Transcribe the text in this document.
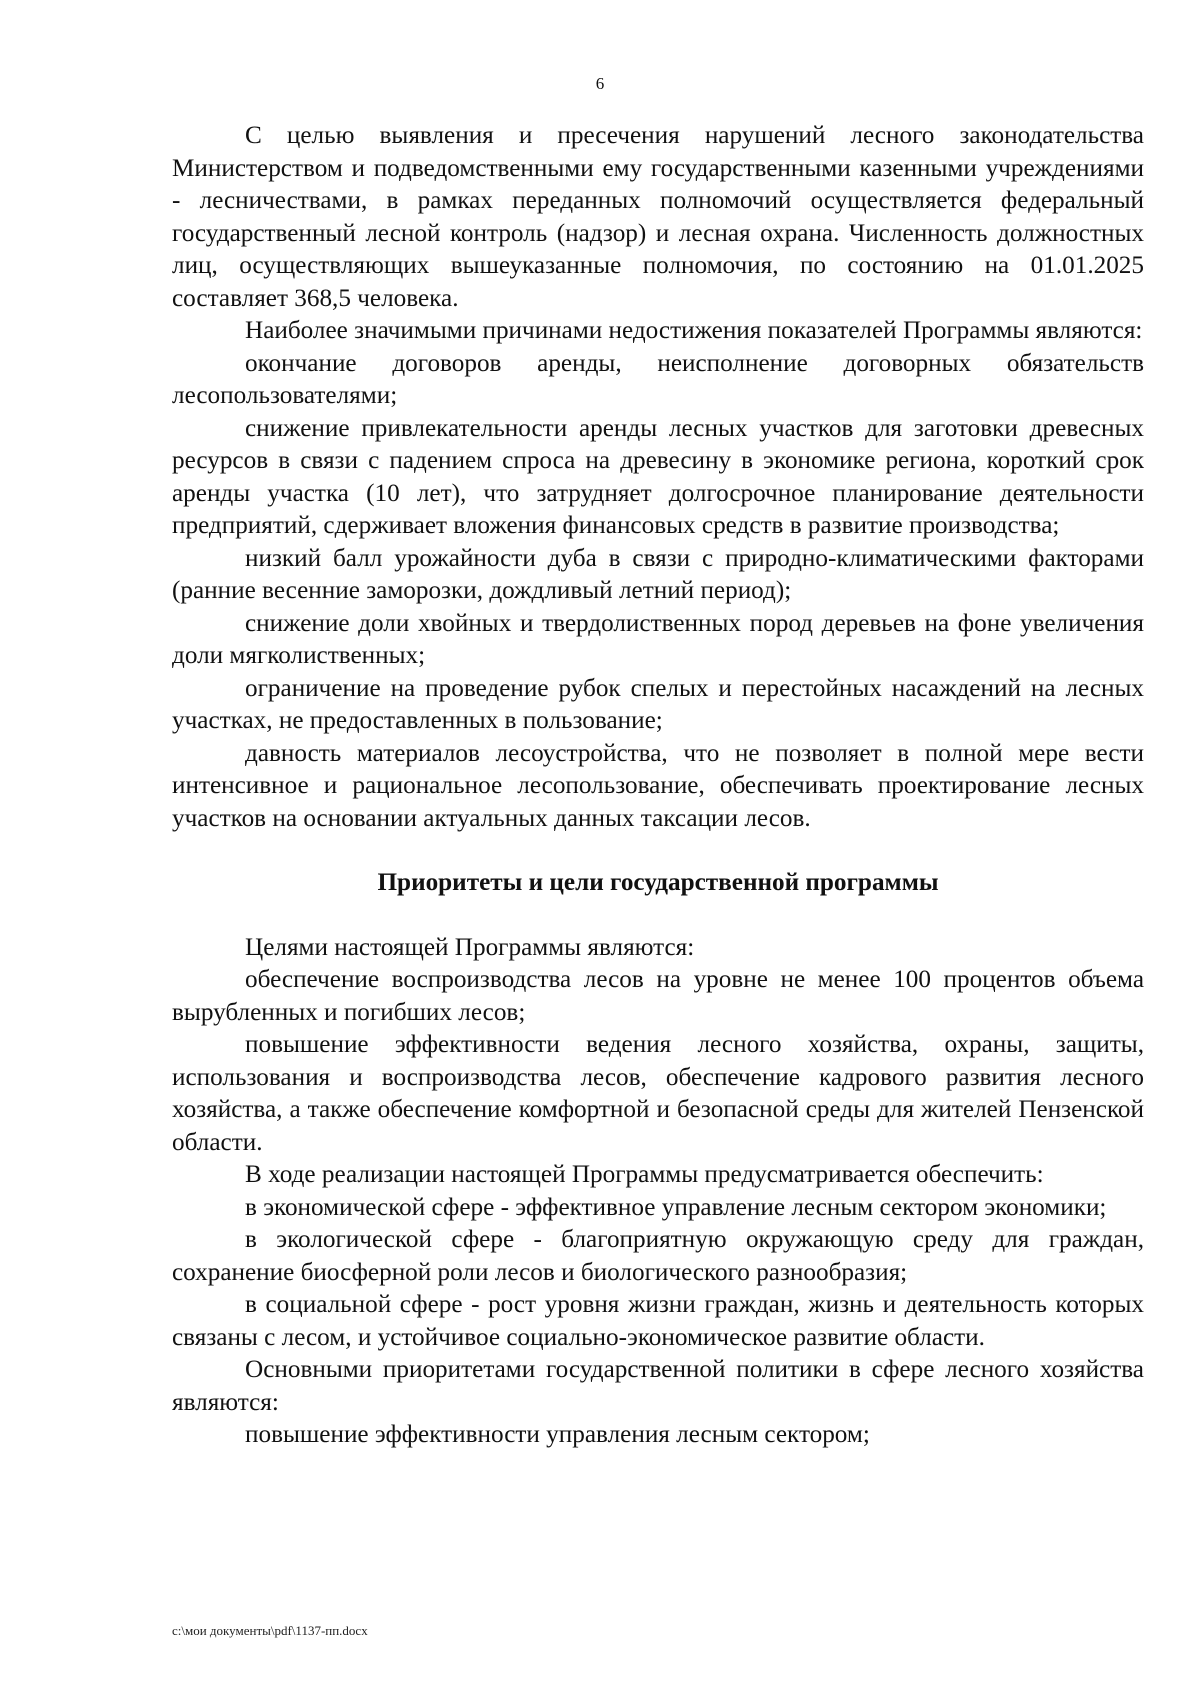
6

С целью выявления и пресечения нарушений лесного законодательства Министерством и подведомственными ему государственными казенными учреждениями - лесничествами, в рамках переданных полномочий осуществляется федеральный государственный лесной контроль (надзор) и лесная охрана. Численность должностных лиц, осуществляющих вышеуказанные полномочия, по состоянию на 01.01.2025 составляет 368,5 человека.

Наиболее значимыми причинами недостижения показателей Программы являются:

окончание договоров аренды, неисполнение договорных обязательств лесопользователями;

снижение привлекательности аренды лесных участков для заготовки древесных ресурсов в связи с падением спроса на древесину в экономике региона, короткий срок аренды участка (10 лет), что затрудняет долгосрочное планирование деятельности предприятий, сдерживает вложения финансовых средств в развитие производства;

низкий балл урожайности дуба в связи с природно-климатическими факторами (ранние весенние заморозки, дождливый летний период);

снижение доли хвойных и твердолиственных пород деревьев на фоне увеличения доли мягколиственных;

ограничение на проведение рубок спелых и перестойных насаждений на лесных участках, не предоставленных в пользование;

давность материалов лесоустройства, что не позволяет в полной мере вести интенсивное и рациональное лесопользование, обеспечивать проектирование лесных участков на основании актуальных данных таксации лесов.

Приоритеты и цели государственной программы

Целями настоящей Программы являются:

обеспечение воспроизводства лесов на уровне не менее 100 процентов объема вырубленных и погибших лесов;

повышение эффективности ведения лесного хозяйства, охраны, защиты, использования и воспроизводства лесов, обеспечение кадрового развития лесного хозяйства, а также обеспечение комфортной и безопасной среды для жителей Пензенской области.

В ходе реализации настоящей Программы предусматривается обеспечить:

в экономической сфере - эффективное управление лесным сектором экономики;

в экологической сфере - благоприятную окружающую среду для граждан, сохранение биосферной роли лесов и биологического разнообразия;

в социальной сфере - рост уровня жизни граждан, жизнь и деятельность которых связаны с лесом, и устойчивое социально-экономическое развитие области.

Основными приоритетами государственной политики в сфере лесного хозяйства являются:

повышение эффективности управления лесным сектором;

c:\мои документы\pdf\1137-пп.docx
